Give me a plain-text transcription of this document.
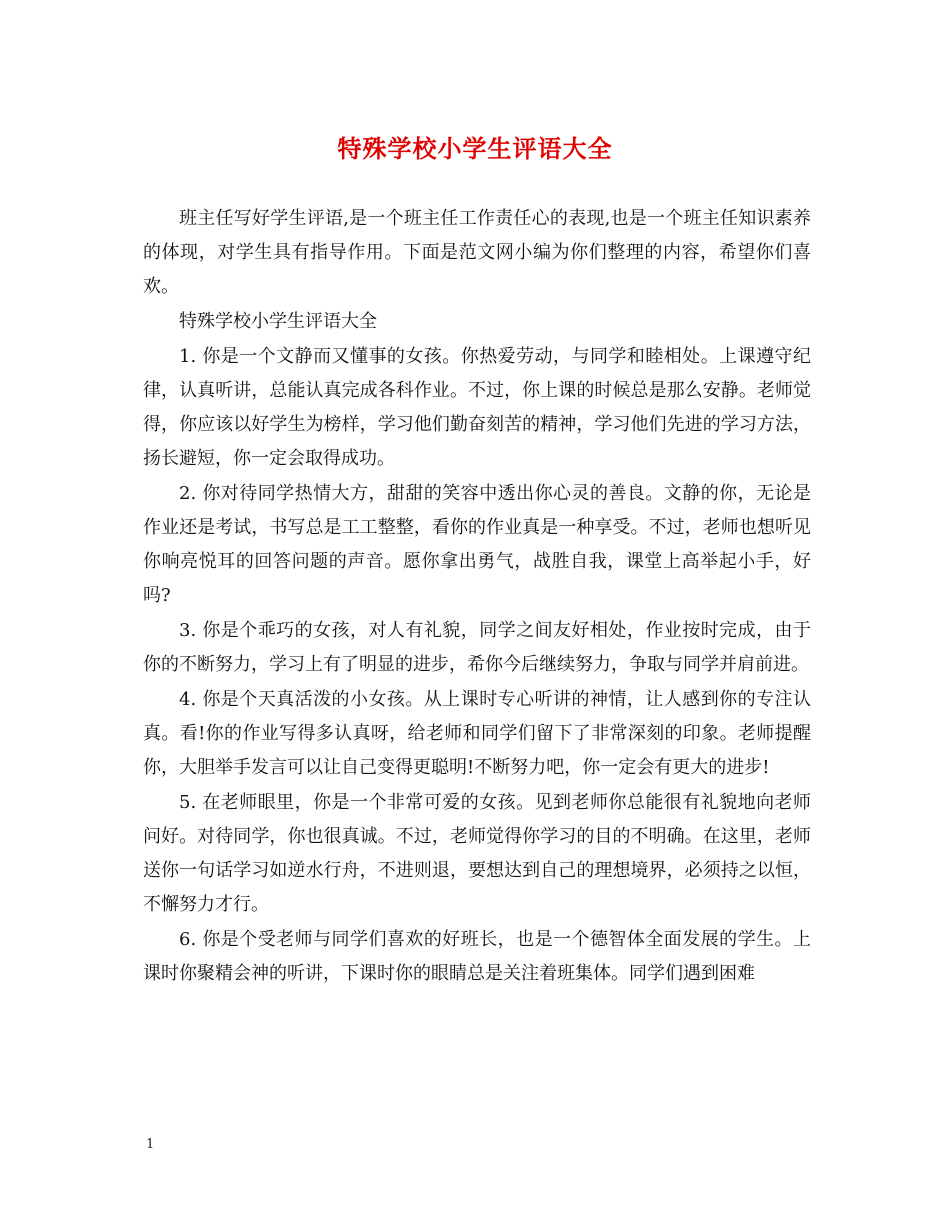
特殊学校小学生评语大全

班主任写好学生评语,是一个班主任工作责任心的表现,也是一个班主任知识素养的体现，对学生具有指导作用。下面是范文网小编为你们整理的内容，希望你们喜欢。

特殊学校小学生评语大全

1. 你是一个文静而又懂事的女孩。你热爱劳动，与同学和睦相处。上课遵守纪律，认真听讲，总能认真完成各科作业。不过，你上课的时候总是那么安静。老师觉得，你应该以好学生为榜样，学习他们勤奋刻苦的精神，学习他们先进的学习方法，扬长避短，你一定会取得成功。

2. 你对待同学热情大方，甜甜的笑容中透出你心灵的善良。文静的你，无论是作业还是考试，书写总是工工整整，看你的作业真是一种享受。不过，老师也想听见你响亮悦耳的回答问题的声音。愿你拿出勇气，战胜自我，课堂上高举起小手，好吗?

3. 你是个乖巧的女孩，对人有礼貌，同学之间友好相处，作业按时完成，由于你的不断努力，学习上有了明显的进步，希你今后继续努力，争取与同学并肩前进。

4. 你是个天真活泼的小女孩。从上课时专心听讲的神情，让人感到你的专注认真。看!你的作业写得多认真呀，给老师和同学们留下了非常深刻的印象。老师提醒你，大胆举手发言可以让自己变得更聪明!不断努力吧，你一定会有更大的进步!

5. 在老师眼里，你是一个非常可爱的女孩。见到老师你总能很有礼貌地向老师问好。对待同学，你也很真诚。不过，老师觉得你学习的目的不明确。在这里，老师送你一句话学习如逆水行舟，不进则退，要想达到自己的理想境界，必须持之以恒，不懈努力才行。

6. 你是个受老师与同学们喜欢的好班长，也是一个德智体全面发展的学生。上课时你聚精会神的听讲，下课时你的眼睛总是关注着班集体。同学们遇到困难

1
